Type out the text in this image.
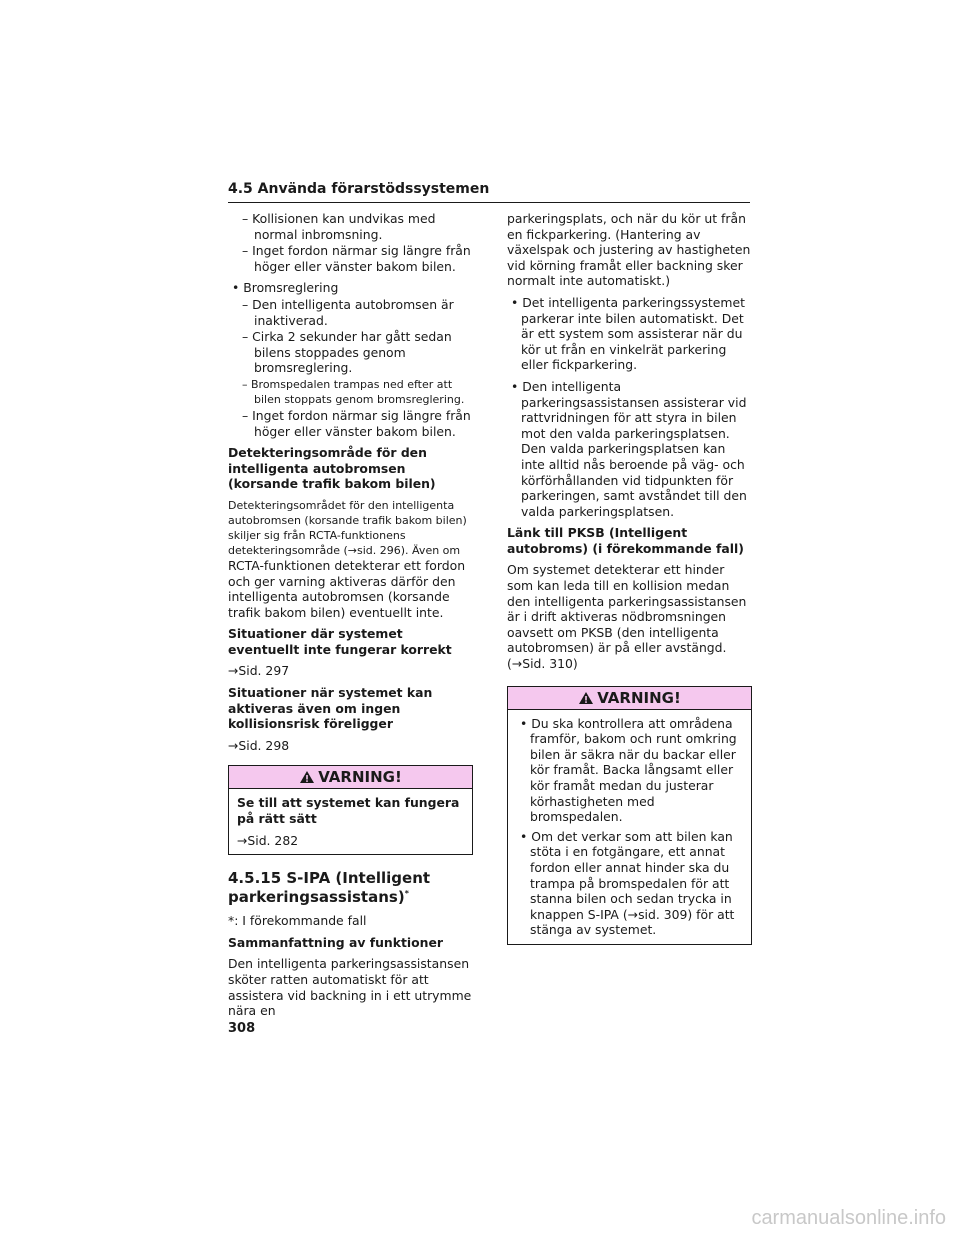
4.5 Använda förarstödssystemen

– Kollisionen kan undvikas med normal inbromsning.

– Inget fordon närmar sig längre från höger eller vänster bakom bilen.

• Bromsreglering

– Den intelligenta autobromsen är inaktiverad.

– Cirka 2 sekunder har gått sedan bilens stoppades genom bromsreglering.

– Bromspedalen trampas ned efter att bilen stoppats genom bromsreglering.

– Inget fordon närmar sig längre från höger eller vänster bakom bilen.

Detekteringsområde för den intelligenta autobromsen (korsande trafik bakom bilen)

Detekteringsområdet för den intelligenta autobromsen (korsande trafik bakom bilen) skiljer sig från RCTA-funktionens detekteringsområde (→sid. 296). Även om

RCTA-funktionen detekterar ett fordon och ger varning aktiveras därför den intelligenta autobromsen (korsande trafik bakom bilen) eventuellt inte.

Situationer där systemet eventuellt inte fungerar korrekt

→Sid. 297

Situationer när systemet kan aktiveras även om ingen kollisionsrisk föreligger

→Sid. 298

VARNING!

Se till att systemet kan fungera på rätt sätt

→Sid. 282

4.5.15 S-IPA (Intelligent parkeringsassistans)*

*: I förekommande fall

Sammanfattning av funktioner

Den intelligenta parkeringsassistansen sköter ratten automatiskt för att assistera vid backning in i ett utrymme nära en

parkeringsplats, och när du kör ut från en fickparkering. (Hantering av växelspak och justering av hastigheten vid körning framåt eller backning sker normalt inte automatiskt.)

• Det intelligenta parkeringssystemet parkerar inte bilen automatiskt. Det är ett system som assisterar när du kör ut från en vinkelrät parkering eller fickparkering.

• Den intelligenta parkeringsassistansen assisterar vid rattvridningen för att styra in bilen mot den valda parkeringsplatsen. Den valda parkeringsplatsen kan inte alltid nås beroende på väg- och körförhållanden vid tidpunkten för parkeringen, samt avståndet till den valda parkeringsplatsen.

Länk till PKSB (Intelligent autobroms) (i förekommande fall)

Om systemet detekterar ett hinder som kan leda till en kollision medan den intelligenta parkeringsassistansen är i drift aktiveras nödbromsningen oavsett om PKSB (den intelligenta autobromsen) är på eller avstängd. (→Sid. 310)

VARNING!

• Du ska kontrollera att områdena framför, bakom och runt omkring bilen är säkra när du backar eller kör framåt. Backa långsamt eller kör framåt medan du justerar körhastigheten med bromspedalen.

• Om det verkar som att bilen kan stöta i en fotgängare, ett annat fordon eller annat hinder ska du trampa på bromspedalen för att stanna bilen och sedan trycka in knappen S-IPA (→sid. 309) för att stänga av systemet.

308
carmanualsonline.info
